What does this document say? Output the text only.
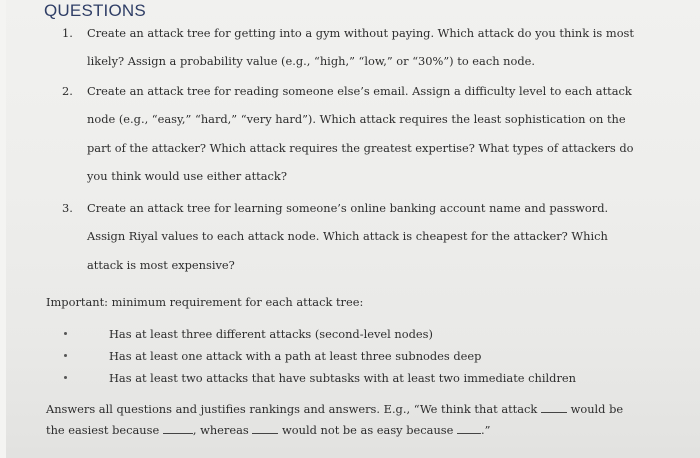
QUESTIONS
1.	Create an attack tree for getting into a gym without paying. Which attack do you think is most likely? Assign a probability value (e.g., “high,” “low,” or “30%”) to each node.
2.	Create an attack tree for reading someone else’s email. Assign a difficulty level to each attack node (e.g., “easy,” “hard,” “very hard”). Which attack requires the least sophistication on the part of the attacker? Which attack requires the greatest expertise? What types of attackers do you think would use either attack?
3.	Create an attack tree for learning someone’s online banking account name and password. Assign Riyal values to each attack node. Which attack is cheapest for the attacker? Which attack is most expensive?
Important: minimum requirement for each attack tree:
Has at least three different attacks (second-level nodes)
Has at least one attack with a path at least three subnodes deep
Has at least two attacks that have subtasks with at least two immediate children
Answers all questions and justifies rankings and answers. E.g., “We think that attack	would be the easiest because	, whereas	would not be as easy because .”
